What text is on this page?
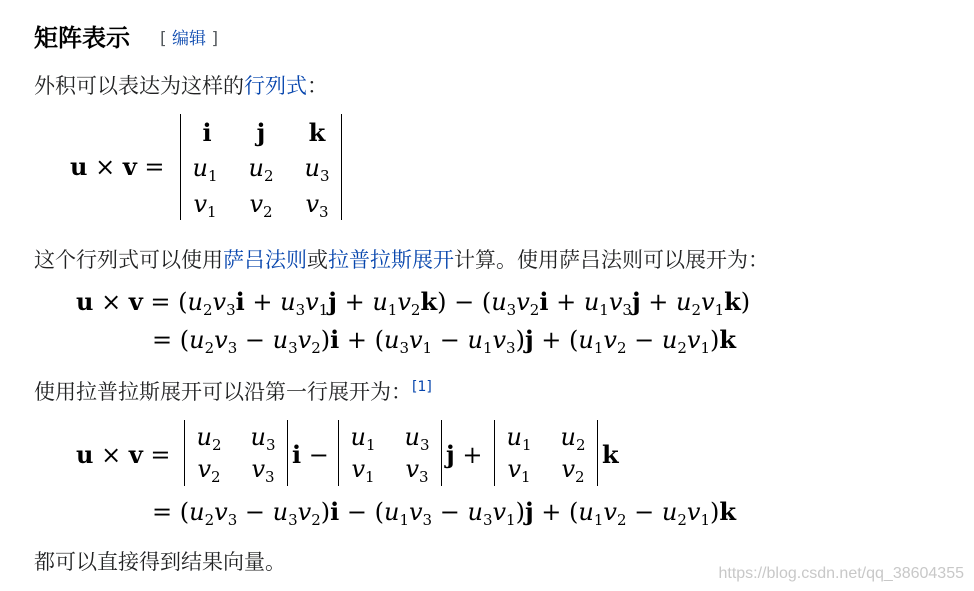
矩阵表示 [ 编辑 ]
外积可以表达为这样的行列式：
u × v =
i	j	k
$u_1$	$u_2$	$u_3$
$v_1$	$v_2$	$v_3$
这个行列式可以使用萨吕法则或拉普拉斯展开计算。使用萨吕法则可以展开为：
$u \times v = (u_2v_3i + u_3v_1j + u_1v_2k) - (u_3v_2i + u_1v_3j + u_2v_1k)$
= $(u_2v_3 - u_3v_2)i + (u_3v_1 - u_1v_3)j + (u_1v_2 - u_2v_1)k$
使用拉普拉斯展开可以沿第一行展开为：[1]
u × v =
$u_2$	$u_3$
$v_2$	$v_3$
i −
$u_1$	$u_3$
$v_1$	$v_3$
j +
$u_1$	$u_2$
$v_1$	$v_2$
k
= $(u_2v_3 - u_3v_2)i - (u_1v_3 - u_3v_1)j + (u_1v_2 - u_2v_1)k$
都可以直接得到结果向量。	https://blog.csdn.net/qq_38604355
